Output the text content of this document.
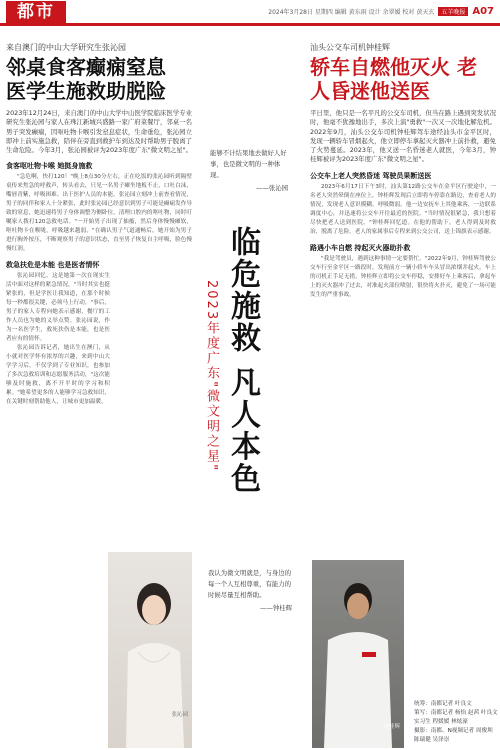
都市	2024年3月28日 星期四 编辑 黄东雨 设计 余翠媛 校对 黄天玄	五羊晚报 A07
来自澳门的中山大学研究生张沁园
邻桌食客癫痫窒息 医学生施救助脱险
2023年12月24日，来自澳门的中山大学中山医学院临床医学专业研究生张沁园与家人在珠江新城兴盛路一家广府菜餐厅，邻桌一名男子突发癫痫，因呕吐物卡喉引发窒息症状，生命垂危，张沁园立即冲上前实施急救，陪伴在旁直到救护车到达及时帮助男子脱离了生命危险。今年3月，张沁园被评为2023年度广东"微文明之星"。
食客呕吐物卡喉 她挺身施救
"急危啊，快打120！"晚上8点30分左右，正在吃饭的张沁园听到隔壁桌传来焦急的呼救声，转头看去，只见一名男子瘫坐地板不止，口吐白沫，嘴唇青紫，呼吸困难。出于医护人员的本能，张沁园立刻冲上前查看情况，男子的同伴和家人十分紧张，此时张沁园已经意识到男子可能是癫痫发作导致的窒息，她迅速将男子身体调整为侧卧位，清理口腔内的呕吐物，同时叮嘱家人拨打120急救电话。"一开始男子出现了抽搐，然后身体慢慢瘫软，呕吐物卡在喉咙，呼吸越来越弱。"在确认男子气道通畅后，她开始为男子进行胸外按压，不断观察男子的意识状态，直至男子恢复自主呼吸，脸色慢慢红润。
救急扶危是本能 也是医者情怀
张沁园回忆，这是她第一次在现实生活中面对这样的紧急情况，"当时其实也挺紧张的，但是学医让我知道，在那个时候每一秒都很关键，必须马上行动。"事后，男子的家人专程向她表示感谢，餐厅的工作人员也为她的义举点赞。张沁园说，作为一名医学生，救死扶伤是本能，也是医者应有的情怀。
张沁园告诉记者，她出生在澳门，从小就对医学怀有浓厚的兴趣，来到中山大学学习后，不仅学到了专业知识，也参加了多次急救培训和志愿服务活动，"这次能够及时施救，离不开平时的学习和积累。"她希望更多的人能够学习急救知识，在关键时刻帮助他人，让城市更加温暖。
张沁园
能够不计结果地去做好人好事，也是微文明的一种体现。
——张沁园
临危施救 凡人本色
2023年度广东"微文明之星"
我认为微文明就是，与身边的每一个人互相尊重，有能力的时候尽量互相帮助。
——钟桂辉
汕头公交车司机钟桂辉
轿车自燃他灭火 老人昏迷他送医
平日里，他只是一名平凡的公交车司机，但当在路上遇到突发状况时，他毫不犹豫地出手，多次上演"勇救"一次又一次地化解危机。2022年9月，汕头公交车司机钟桂辉驾车途经汕头市金平区时，发现一辆轿车冒烟起火，他立即停车拿起灭火器冲上前扑救，避免了火势蔓延。2023年，他又送一名昏迷老人就医，今年3月，钟桂辉被评为2023年度广东"微文明之星"。
公交车上老人突然昏迷 驾驶员果断送医
2023年6月17日下午3时，汕头第12路公交车在金平区行驶途中，一名老人突然晕倒在座位上，钟桂辉发现后立即将车停靠在路边，查看老人的情况，发现老人意识模糊、呼吸微弱。他一边安抚车上其他乘客，一边联系调度中心，并迅速将公交车开往最近的医院。"当时情况很紧急，我只想着尽快把老人送到医院。"钟桂辉回忆道。在他的帮助下，老人得到及时救治，脱离了危险。老人的家属事后专程来到公交公司，送上锦旗表示感谢。
路遇小车自燃 持起灭火器助扑救
"我是驾驶员，遇到这种事情一定要帮忙。"2022年9月，钟桂辉驾驶公交车行至金平区一路段时，发现前方一辆小轿车车头冒出浓烟并起火，车上的司机正手足无措。钟桂辉立即将公交车停稳，安排好车上乘客后，拿起车上的灭火器冲了过去，对准起火部位喷射，很快将火扑灭，避免了一场可能发生的严重事故。
钟桂辉
统筹：南都记者 叶良文
策写：南都记者 杨怡 赵茜 叶良文 实习生 程媛媛 林炫濠
摄影：南都、N视频记者 周俊圳 陈瑞健 吴泽崇
